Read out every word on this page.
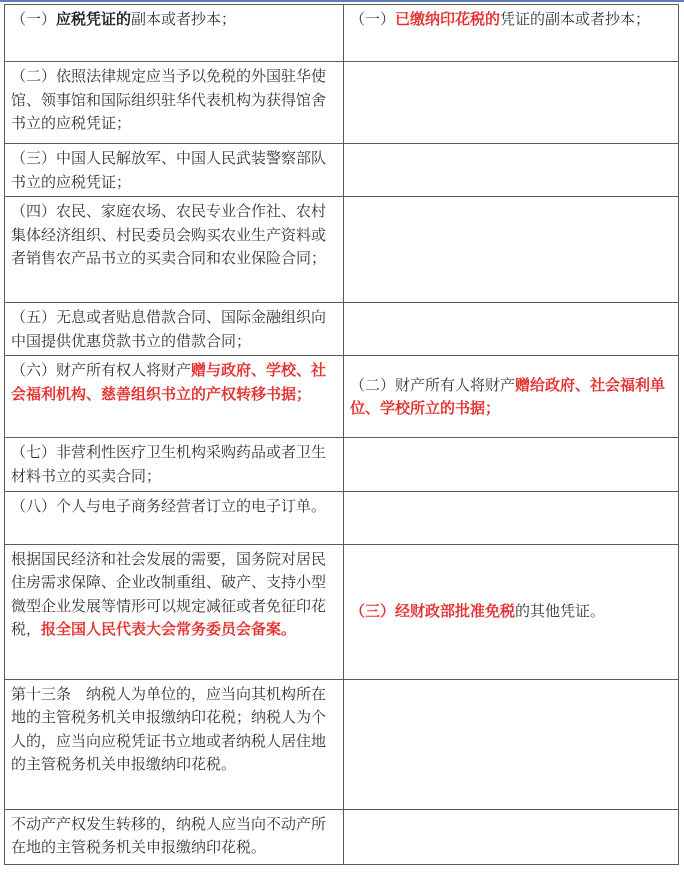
（一）应税凭证的副本或者抄本；	（一）已缴纳印花税的凭证的副本或者抄本；
（二）依照法律规定应当予以免税的外国驻华使馆、领事馆和国际组织驻华代表机构为获得馆舍书立的应税凭证；	
（三）中国人民解放军、中国人民武装警察部队书立的应税凭证；	
（四）农民、家庭农场、农民专业合作社、农村集体经济组织、村民委员会购买农业生产资料或者销售农产品书立的买卖合同和农业保险合同；	
（五）无息或者贴息借款合同、国际金融组织向中国提供优惠贷款书立的借款合同；	
（六）财产所有权人将财产赠与政府、学校、社会福利机构、慈善组织书立的产权转移书据；	（二）财产所有人将财产赠给政府、社会福利单位、学校所立的书据；
（七）非营利性医疗卫生机构采购药品或者卫生材料书立的买卖合同；	
（八）个人与电子商务经营者订立的电子订单。	
根据国民经济和社会发展的需要，国务院对居民住房需求保障、企业改制重组、破产、支持小型微型企业发展等情形可以规定减征或者免征印花税，报全国人民代表大会常务委员会备案。	（三）经财政部批准免税的其他凭证。
第十三条　纳税人为单位的，应当向其机构所在地的主管税务机关申报缴纳印花税；纳税人为个人的，应当向应税凭证书立地或者纳税人居住地的主管税务机关申报缴纳印花税。	
不动产产权发生转移的，纳税人应当向不动产所在地的主管税务机关申报缴纳印花税。	
